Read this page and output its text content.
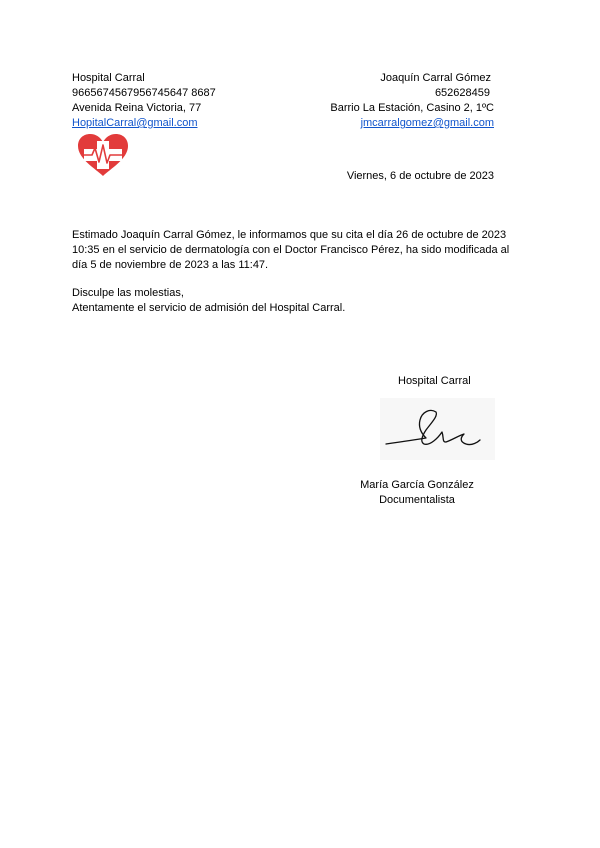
Hospital Carral
9665674567956745647 8687
Avenida Reina Victoria, 77
HopitalCarral@gmail.com
Joaquín Carral Gómez
652628459
Barrio La Estación, Casino 2, 1ºC
jmcarralgomez@gmail.com
Viernes, 6 de octubre de 2023
Estimado Joaquín Carral Gómez, le informamos que su cita el día 26 de octubre de 2023
10:35 en el servicio de dermatología con el Doctor Francisco Pérez, ha sido modificada al
día 5 de noviembre de 2023 a las 11:47.
Disculpe las molestias,
Atentamente el servicio de admisión del Hospital Carral.
Hospital Carral
María García González
Documentalista
